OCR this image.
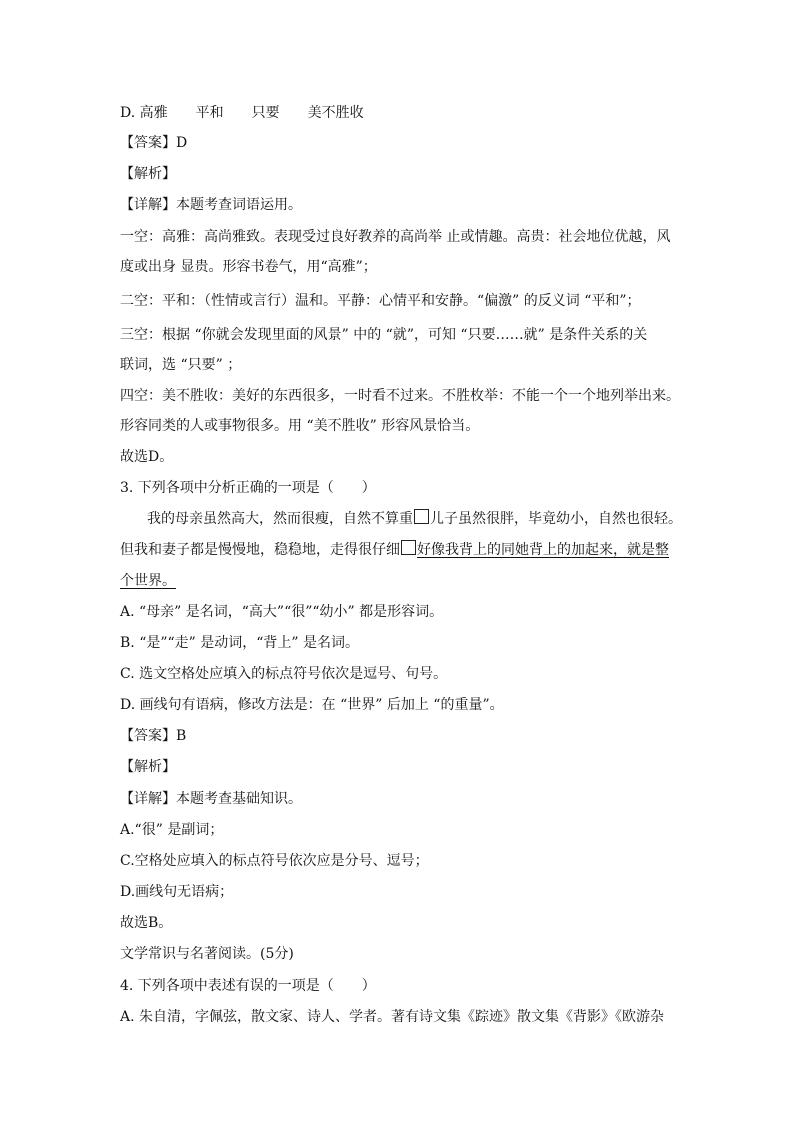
D. 高雅 平和 只要 美不胜收
【答案】D
【解析】
【详解】本题考查词语运用。
一空：高雅：高尚雅致。表现受过良好教养的高尚举 止或情趣。高贵：社会地位优越，风
度或出身 显贵。形容书卷气，用“高雅”；
二空：平和：（性情或言行）温和。平静：心情平和安静。“偏激” 的反义词 “平和”；
三空：根据 “你就会发现里面的风景” 中的 “就”，可知 “只要……就” 是条件关系的关
联词，选 “只要” ；
四空：美不胜收：美好的东西很多，一时看不过来。不胜枚举：不能一个一个地列举出来。
形容同类的人或事物很多。用 “美不胜收” 形容风景恰当。
故选D。
3. 下列各项中分析正确的一项是（　　）
我的母亲虽然高大，然而很瘦，自然不算重 儿子虽然很胖，毕竟幼小，自然也很轻。
但我和妻子都是慢慢地，稳稳地，走得很仔细 好像我背上的同她背上的加起来，就是整
个世界。
A. “母亲” 是名词，“高大”“很”“幼小” 都是形容词。
B. “是”“走” 是动词，“背上” 是名词。
C. 选文空格处应填入的标点符号依次是逗号、句号。
D. 画线句有语病，修改方法是：在 “世界” 后加上 “的重量”。
【答案】B
【解析】
【详解】本题考查基础知识。
A.“很” 是副词；
C.空格处应填入的标点符号依次应是分号、逗号；
D.画线句无语病；
故选B。
文学常识与名著阅读。(5分)
4. 下列各项中表述有误的一项是（　　）
A. 朱自清，字佩弦，散文家、诗人、学者。著有诗文集《踪迹》散文集《背影》《欧游杂
